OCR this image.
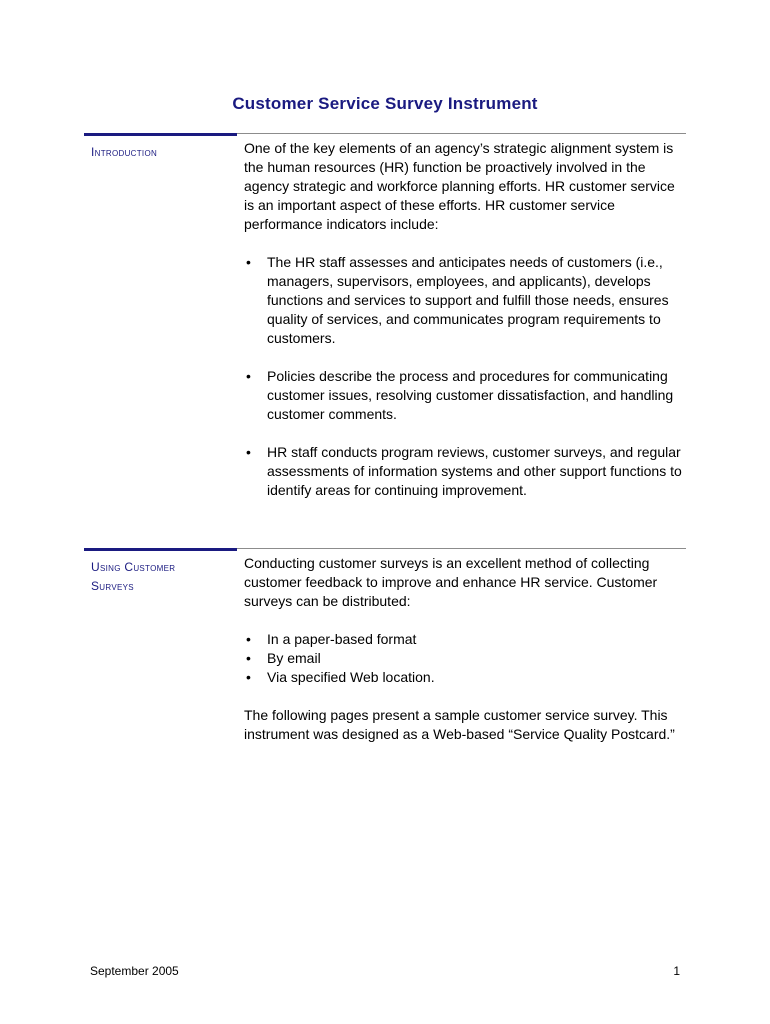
Customer Service Survey Instrument
Introduction	One of the key elements of an agency’s strategic alignment system is the human resources (HR) function be proactively involved in the agency strategic and workforce planning efforts. HR customer service is an important aspect of these efforts. HR customer service performance indicators include:

• The HR staff assesses and anticipates needs of customers (i.e., managers, supervisors, employees, and applicants), develops functions and services to support and fulfill those needs, ensures quality of services, and communicates program requirements to customers.
• Policies describe the process and procedures for communicating customer issues, resolving customer dissatisfaction, and handling customer comments.
• HR staff conducts program reviews, customer surveys, and regular assessments of information systems and other support functions to identify areas for continuing improvement.
Using Customer
Surveys

Conducting customer surveys is an excellent method of collecting customer feedback to improve and enhance HR service. Customer surveys can be distributed:

• In a paper-based format
• By email
• Via specified Web location.

The following pages present a sample customer service survey. This instrument was designed as a Web-based “Service Quality Postcard.”

September 2005	1
